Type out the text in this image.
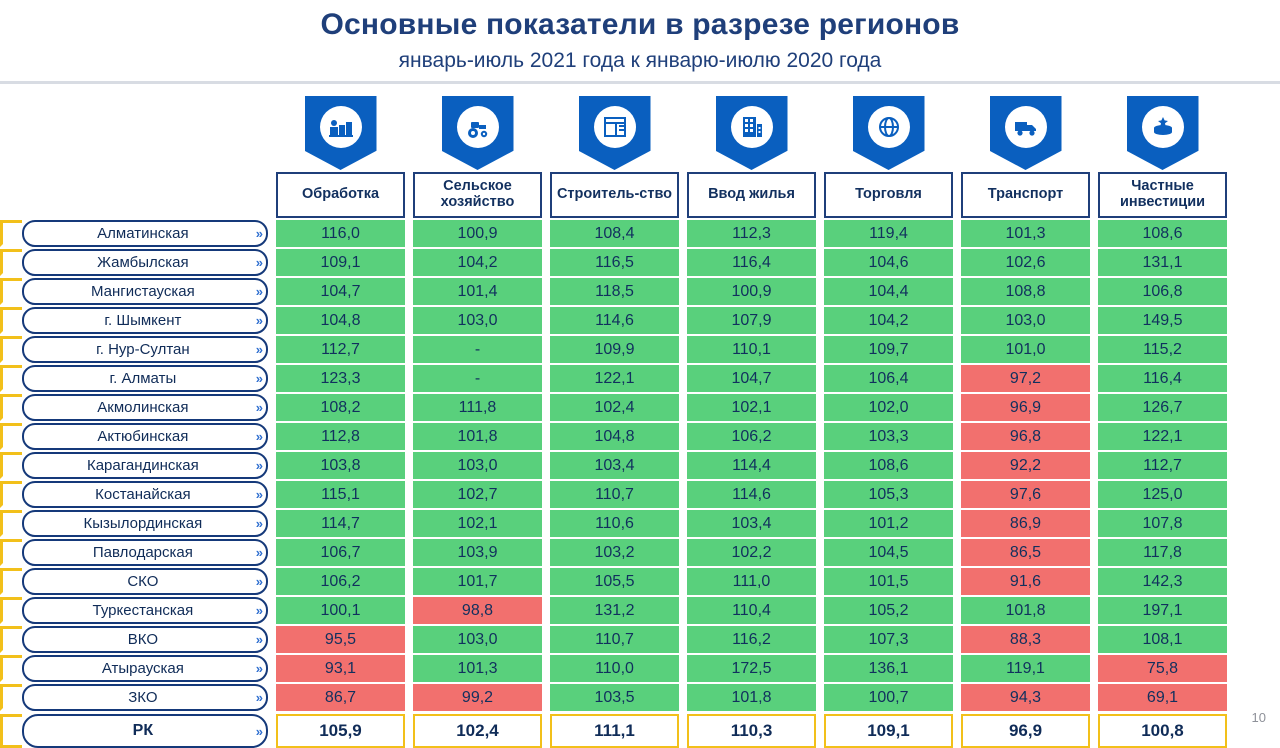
Основные показатели в разрезе регионов
январь-июль 2021 года к январю-июлю 2020 года
Обработка	Сельское хозяйство	Строитель-ство	Ввод жилья	Торговля	Транспорт	Частные инвестиции
Алматинская	»	116,0	100,9	108,4	112,3	119,4	101,3	108,6
Жамбылская	»	109,1	104,2	116,5	116,4	104,6	102,6	131,1
Мангистауская	»	104,7	101,4	118,5	100,9	104,4	108,8	106,8
г. Шымкент	»	104,8	103,0	114,6	107,9	104,2	103,0	149,5
г. Нур-Султан	»	112,7	-	109,9	110,1	109,7	101,0	115,2
г. Алматы	»	123,3	-	122,1	104,7	106,4	97,2	116,4
Акмолинская	»	108,2	111,8	102,4	102,1	102,0	96,9	126,7
Актюбинская	»	112,8	101,8	104,8	106,2	103,3	96,8	122,1
Карагандинская	»	103,8	103,0	103,4	114,4	108,6	92,2	112,7
Костанайская	»	115,1	102,7	110,7	114,6	105,3	97,6	125,0
Кызылординская	»	114,7	102,1	110,6	103,4	101,2	86,9	107,8
Павлодарская	»	106,7	103,9	103,2	102,2	104,5	86,5	117,8
СКО	»	106,2	101,7	105,5	111,0	101,5	91,6	142,3
Туркестанская	»	100,1	98,8	131,2	110,4	105,2	101,8	197,1
ВКО	»	95,5	103,0	110,7	116,2	107,3	88,3	108,1
Атырауская	»	93,1	101,3	110,0	172,5	136,1	119,1	75,8
ЗКО	»	86,7	99,2	103,5	101,8	100,7	94,3	69,1
РК	»	105,9	102,4	111,1	110,3	109,1	96,9	100,8
10
